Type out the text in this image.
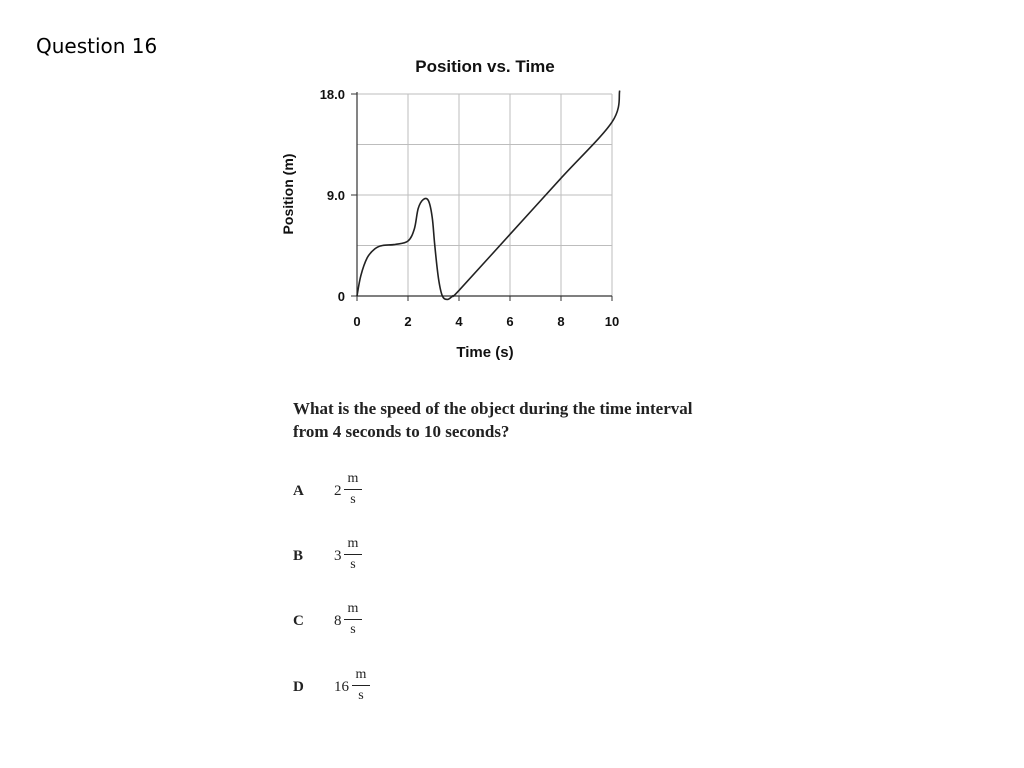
Question 16
Position vs. Time
0	2	4	6	8	10
0
9.0
18.0
Time (s)
Position (m)
What is the speed of the object during the time interval from 4 seconds to 10 seconds?
A $2 \frac{m}{s}$
B $3 \frac{m}{s}$
C $8 \frac{m}{s}$
D $16 \frac{m}{s}$
